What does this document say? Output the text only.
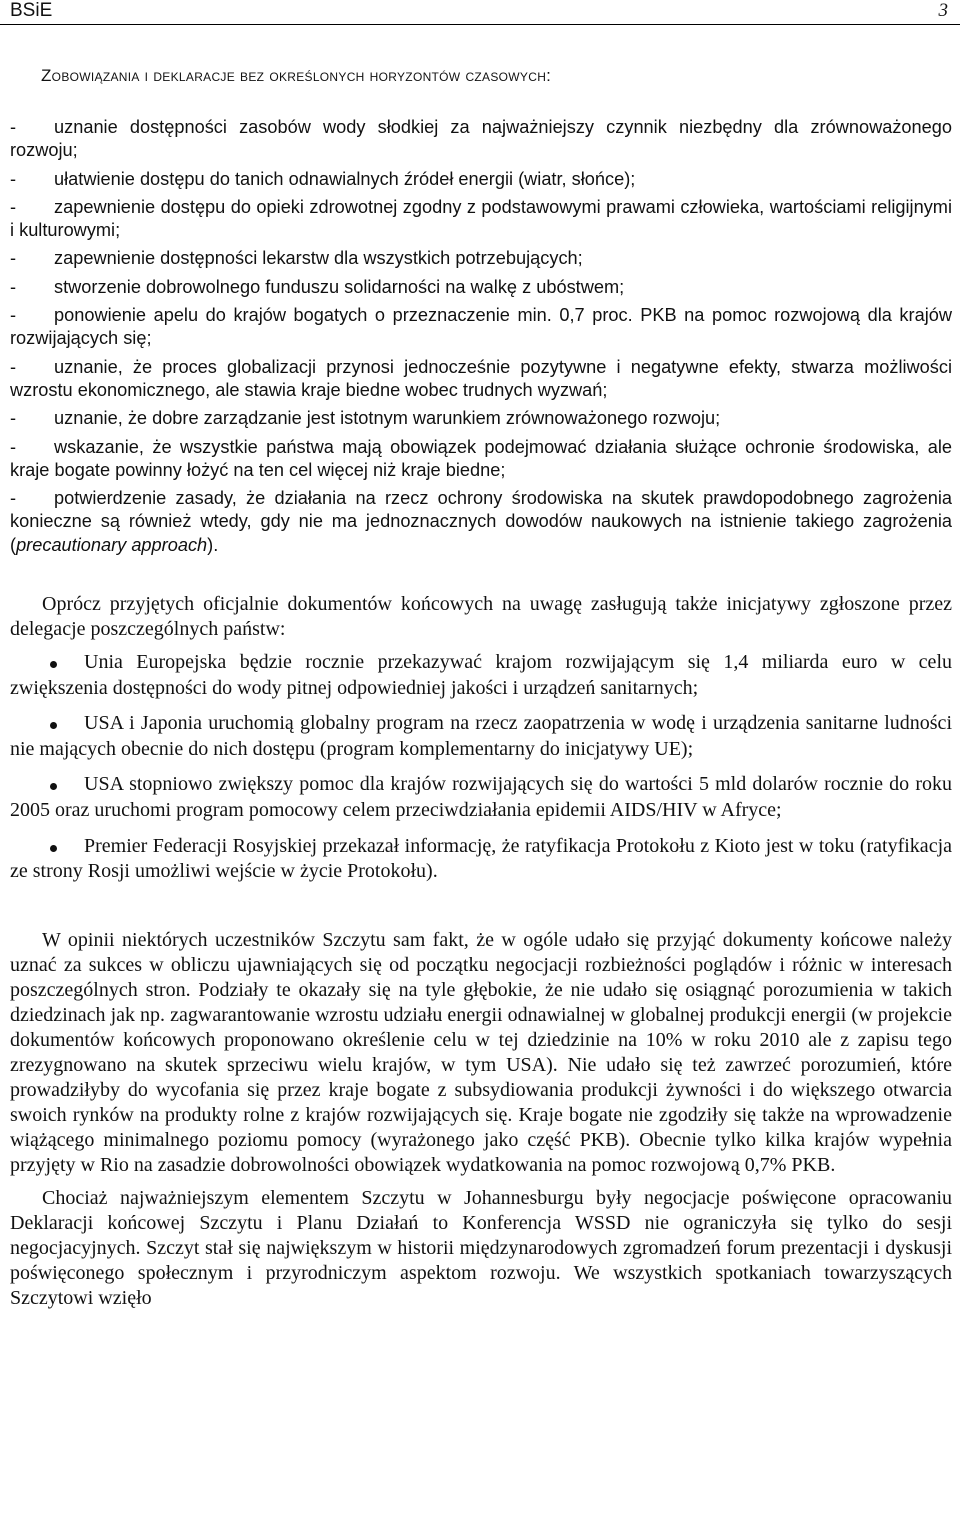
BSiE	3
Zobowiązania i deklaracje bez określonych horyzontów czasowych:
- uznanie dostępności zasobów wody słodkiej za najważniejszy czynnik niezbędny dla zrównoważonego rozwoju;
- ułatwienie dostępu do tanich odnawialnych źródeł energii (wiatr, słońce);
- zapewnienie dostępu do opieki zdrowotnej zgodny z podstawowymi prawami człowieka, wartościami religijnymi i kulturowymi;
- zapewnienie dostępności lekarstw dla wszystkich potrzebujących;
- stworzenie dobrowolnego funduszu solidarności na walkę z ubóstwem;
- ponowienie apelu do krajów bogatych o przeznaczenie min. 0,7 proc. PKB na pomoc rozwojową dla krajów rozwijających się;
- uznanie, że proces globalizacji przynosi jednocześnie pozytywne i negatywne efekty, stwarza możliwości wzrostu ekonomicznego, ale stawia kraje biedne wobec trudnych wyzwań;
- uznanie, że dobre zarządzanie jest istotnym warunkiem zrównoważonego rozwoju;
- wskazanie, że wszystkie państwa mają obowiązek podejmować działania służące ochronie środowiska, ale kraje bogate powinny łożyć na ten cel więcej niż kraje biedne;
- potwierdzenie zasady, że działania na rzecz ochrony środowiska na skutek prawdopodobnego zagrożenia konieczne są również wtedy, gdy nie ma jednoznacznych dowodów naukowych na istnienie takiego zagrożenia (precautionary approach).

Oprócz przyjętych oficjalnie dokumentów końcowych na uwagę zasługują także inicjatywy zgłoszone przez delegacje poszczególnych państw:

Unia Europejska będzie rocznie przekazywać krajom rozwijającym się 1,4 miliarda euro w celu zwiększenia dostępności do wody pitnej odpowiedniej jakości i urządzeń sanitarnych;
USA i Japonia uruchomią globalny program na rzecz zaopatrzenia w wodę i urządzenia sanitarne ludności nie mających obecnie do nich dostępu (program komplementarny do inicjatywy UE);
USA stopniowo zwiększy pomoc dla krajów rozwijających się do wartości 5 mld dolarów rocznie do roku 2005 oraz uruchomi program pomocowy celem przeciwdziałania epidemii AIDS/HIV w Afryce;
Premier Federacji Rosyjskiej przekazał informację, że ratyfikacja Protokołu z Kioto jest w toku (ratyfikacja ze strony Rosji umożliwi wejście w życie Protokołu).

W opinii niektórych uczestników Szczytu sam fakt, że w ogóle udało się przyjąć dokumenty końcowe należy uznać za sukces w obliczu ujawniających się od początku negocjacji rozbieżności poglądów i różnic w interesach poszczególnych stron. Podziały te okazały się na tyle głębokie, że nie udało się osiągnąć porozumienia w takich dziedzinach jak np. zagwarantowanie wzrostu udziału energii odnawialnej w globalnej produkcji energii (w projekcie dokumentów końcowych proponowano określenie celu w tej dziedzinie na 10% w roku 2010 ale z zapisu tego zrezygnowano na skutek sprzeciwu wielu krajów, w tym USA). Nie udało się też zawrzeć porozumień, które prowadziłyby do wycofania się przez kraje bogate z subsydiowania produkcji żywności i do większego otwarcia swoich rynków na produkty rolne z krajów rozwijających się. Kraje bogate nie zgodziły się także na wprowadzenie wiążącego minimalnego poziomu pomocy (wyrażonego jako część PKB). Obecnie tylko kilka krajów wypełnia przyjęty w Rio na zasadzie dobrowolności obowiązek wydatkowania na pomoc rozwojową 0,7% PKB.

Chociaż najważniejszym elementem Szczytu w Johannesburgu były negocjacje poświęcone opracowaniu Deklaracji końcowej Szczytu i Planu Działań to Konferencja WSSD nie ograniczyła się tylko do sesji negocjacyjnych. Szczyt stał się największym w historii międzynarodowych zgromadzeń forum prezentacji i dyskusji poświęconego społecznym i przyrodniczym aspektom rozwoju. We wszystkich spotkaniach towarzyszących Szczytowi wzięło
